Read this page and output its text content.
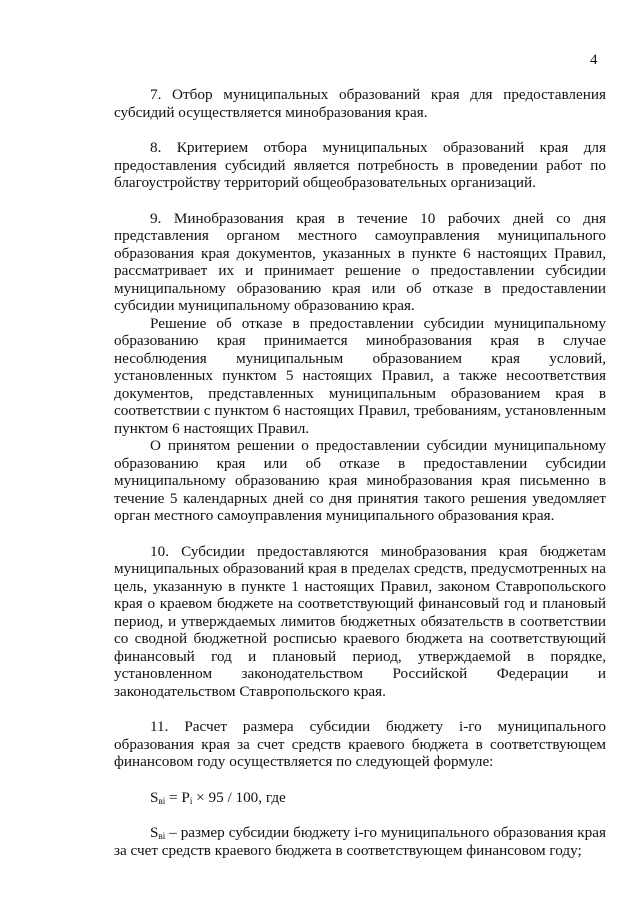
4

7. Отбор муниципальных образований края для предоставления субсидий осуществляется минобразования края.

8. Критерием отбора муниципальных образований края для предоставления субсидий является потребность в проведении работ по благоустройству территорий общеобразовательных организаций.

9. Минобразования края в течение 10 рабочих дней со дня представления органом местного самоуправления муниципального образования края документов, указанных в пункте 6 настоящих Правил, рассматривает их и принимает решение о предоставлении субсидии муниципальному образованию края или об отказе в предоставлении субсидии муниципальному образованию края.

Решение об отказе в предоставлении субсидии муниципальному образованию края принимается минобразования края в случае несоблюдения муниципальным образованием края условий, установленных пунктом 5 настоящих Правил, а также несоответствия документов, представленных муниципальным образованием края в соответствии с пунктом 6 настоящих Правил, требованиям, установленным пунктом 6 настоящих Правил.

О принятом решении о предоставлении субсидии муниципальному образованию края или об отказе в предоставлении субсидии муниципальному образованию края минобразования края письменно в течение 5 календарных дней со дня принятия такого решения уведомляет орган местного самоуправления муниципального образования края.

10. Субсидии предоставляются минобразования края бюджетам муниципальных образований края в пределах средств, предусмотренных на цель, указанную в пункте 1 настоящих Правил, законом Ставропольского края о краевом бюджете на соответствующий финансовый год и плановый период, и утверждаемых лимитов бюджетных обязательств в соответствии со сводной бюджетной росписью краевого бюджета на соответствующий финансовый год и плановый период, утверждаемой в порядке, установленном законодательством Российской Федерации и законодательством Ставропольского края.

11. Расчет размера субсидии бюджету i-го муниципального образования края за счет средств краевого бюджета в соответствующем финансовом году осуществляется по следующей формуле:

$S_{ві} = P_i \times 95 / 100$, где

$S_{ві}$ – размер субсидии бюджету i-го муниципального образования края за счет средств краевого бюджета в соответствующем финансовом году;
